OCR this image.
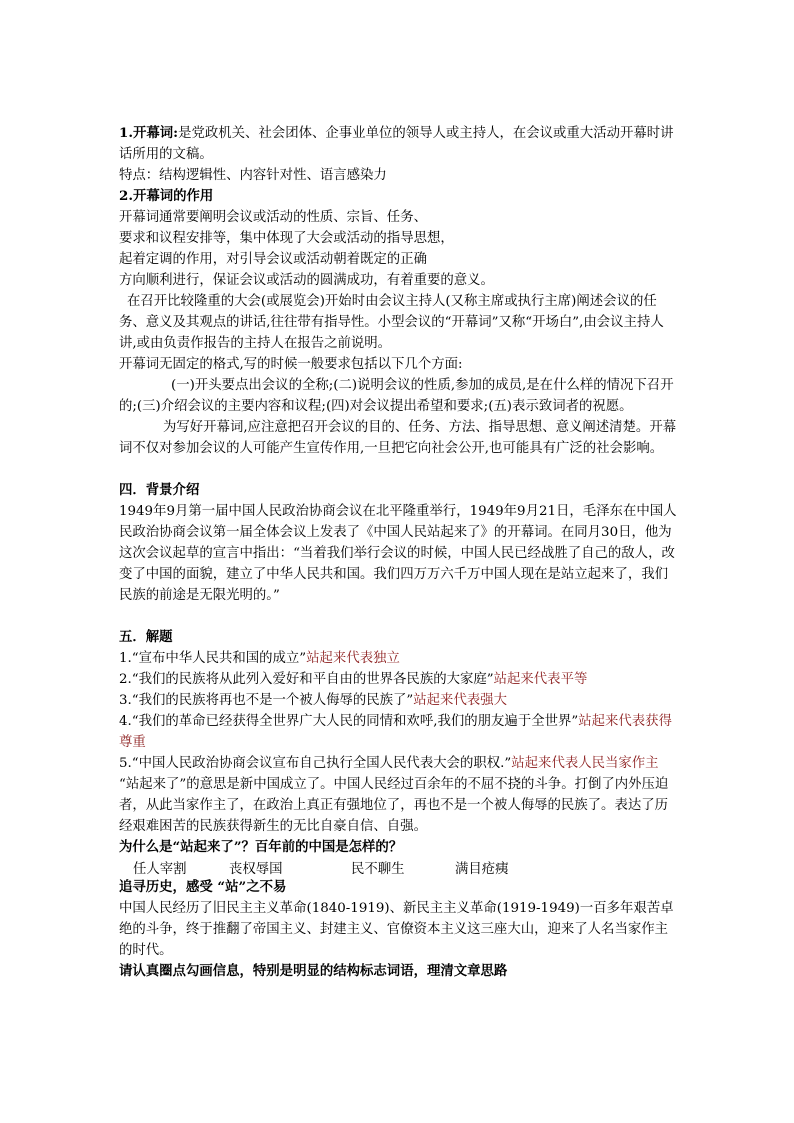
1.开幕词:是党政机关、社会团体、企事业单位的领导人或主持人，在会议或重大活动开幕时讲话所用的文稿。

特点：结构逻辑性、内容针对性、语言感染力

2.开幕词的作用

开幕词通常要阐明会议或活动的性质、宗旨、任务、

要求和议程安排等，集中体现了大会或活动的指导思想，

起着定调的作用，对引导会议或活动朝着既定的正确

方向顺利进行，保证会议或活动的圆满成功，有着重要的意义。

在召开比较隆重的大会(或展览会)开始时由会议主持人(又称主席或执行主席)阐述会议的任务、意义及其观点的讲话,往往带有指导性。小型会议的“开幕词”又称“开场白”,由会议主持人讲,或由负责作报告的主持人在报告之前说明。

开幕词无固定的格式,写的时候一般要求包括以下几个方面:

(一)开头要点出会议的全称;(二)说明会议的性质,参加的成员,是在什么样的情况下召开的;(三)介绍会议的主要内容和议程;(四)对会议提出希望和要求;(五)表示致词者的祝愿。

为写好开幕词,应注意把召开会议的目的、任务、方法、指导思想、意义阐述清楚。开幕词不仅对参加会议的人可能产生宣传作用,一旦把它向社会公开,也可能具有广泛的社会影响。

四．背景介绍

1949年9月第一届中国人民政治协商会议在北平隆重举行，1949年9月21日，毛泽东在中国人民政治协商会议第一届全体会议上发表了《中国人民站起来了》的开幕词。在同月30日，他为这次会议起草的宣言中指出：“当着我们举行会议的时候，中国人民已经战胜了自己的敌人，改变了中国的面貌，建立了中华人民共和国。我们四万万六千万中国人现在是站立起来了，我们民族的前途是无限光明的。”

五．解题

1.“宣布中华人民共和国的成立”站起来代表独立

2.“我们的民族将从此列入爱好和平自由的世界各民族的大家庭”站起来代表平等

3.“我们的民族将再也不是一个被人侮辱的民族了”站起来代表强大

4.“我们的革命已经获得全世界广大人民的同情和欢呼,我们的朋友遍于全世界”站起来代表获得尊重

5.“中国人民政治协商会议宣布自己执行全国人民代表大会的职权.”站起来代表人民当家作主

“站起来了”的意思是新中国成立了。中国人民经过百余年的不屈不挠的斗争。打倒了内外压迫者，从此当家作主了，在政治上真正有强地位了，再也不是一个被人侮辱的民族了。表达了历经艰难困苦的民族获得新生的无比自豪自信、自强。

为什么是“站起来了”？百年前的中国是怎样的？

任人宰割	丧权辱国	民不聊生	满目疮痍

追寻历史，感受 “站”之不易

中国人民经历了旧民主主义革命(1840-1919)、新民主主义革命(1919-1949)一百多年艰苦卓绝的斗争，终于推翻了帝国主义、封建主义、官僚资本主义这三座大山，迎来了人名当家作主的时代。

请认真圈点勾画信息，特别是明显的结构标志词语，理清文章思路
